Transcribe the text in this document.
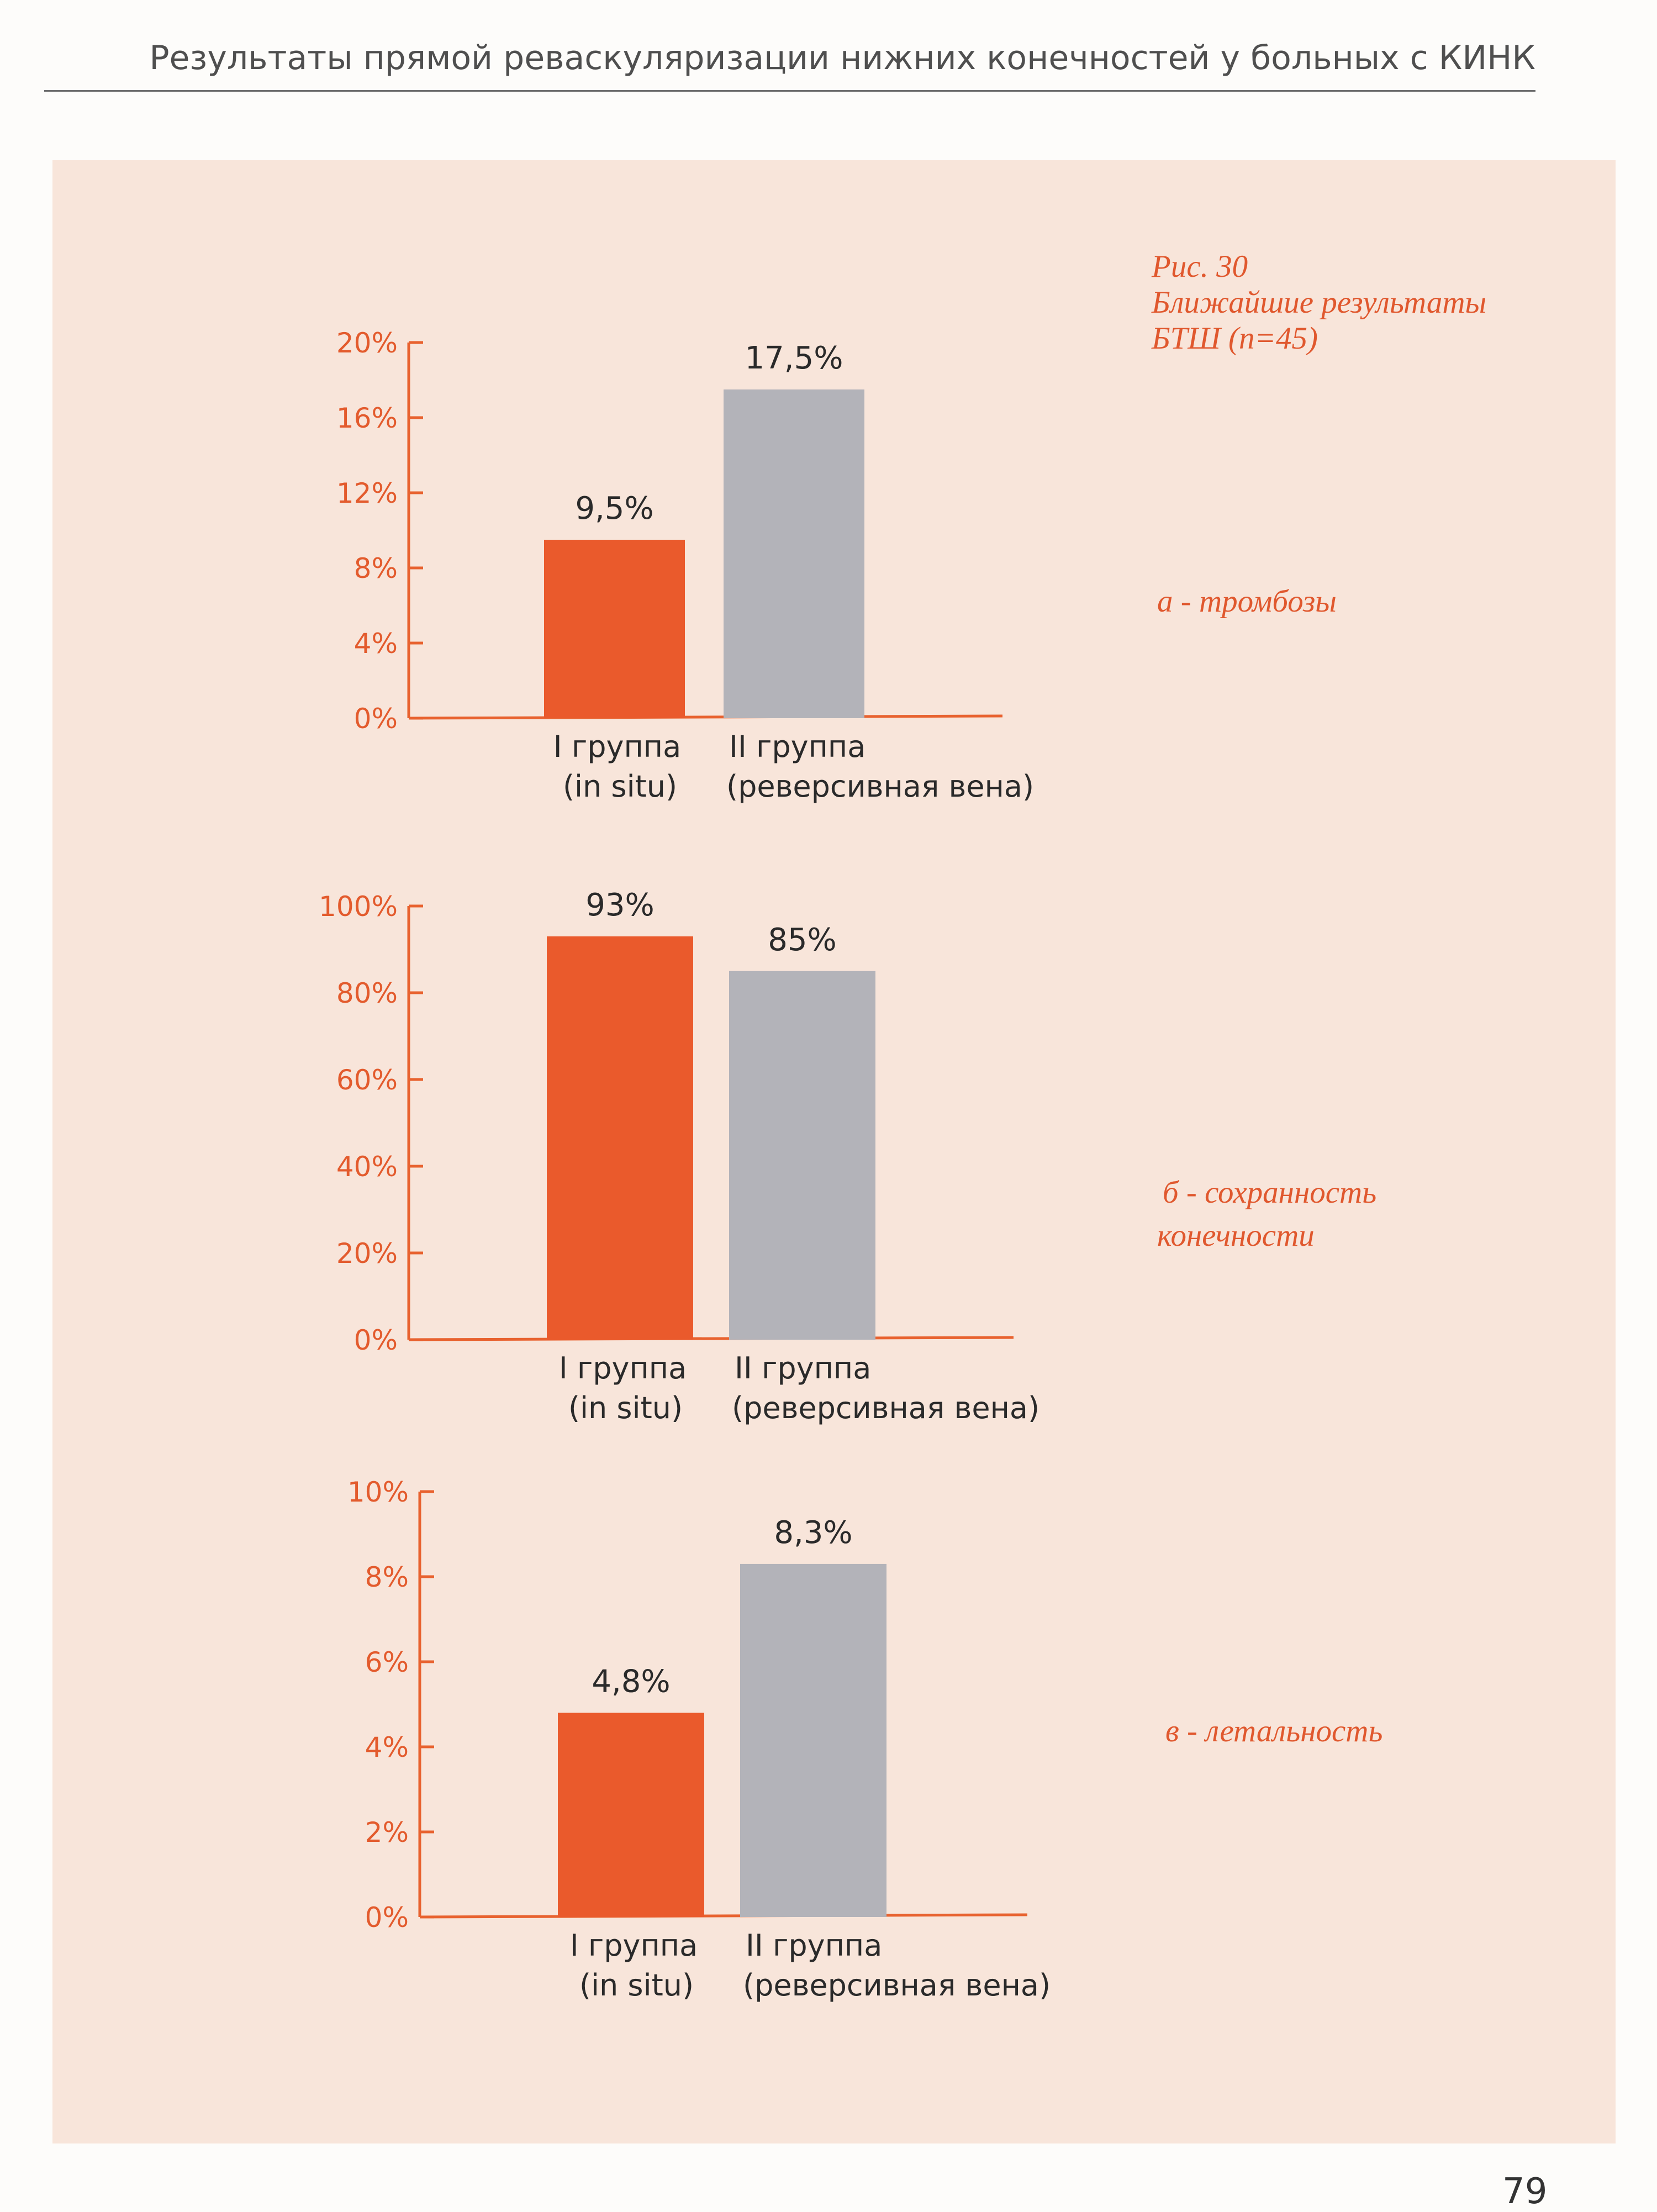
Результаты прямой реваскуляризации нижних конечностей у больных с КИНК
Рис. 30
Ближайшие результаты
БТШ (n=45)
а - тромбозы
б - сохранность
конечности
в - летальность
0%
4%
8%
12%
16%
20%
9,5%
17,5%
I группа
(in situ)
II группа
(реверсивная вена)
0%
20%
40%
60%
80%
100%	93%
85%
I группа
(in situ)
II группа
(реверсивная вена)
0%
2%
4%
6%
8%
10%
4,8%
8,3%
I группа
(in situ)
II группа
(реверсивная вена)
79
